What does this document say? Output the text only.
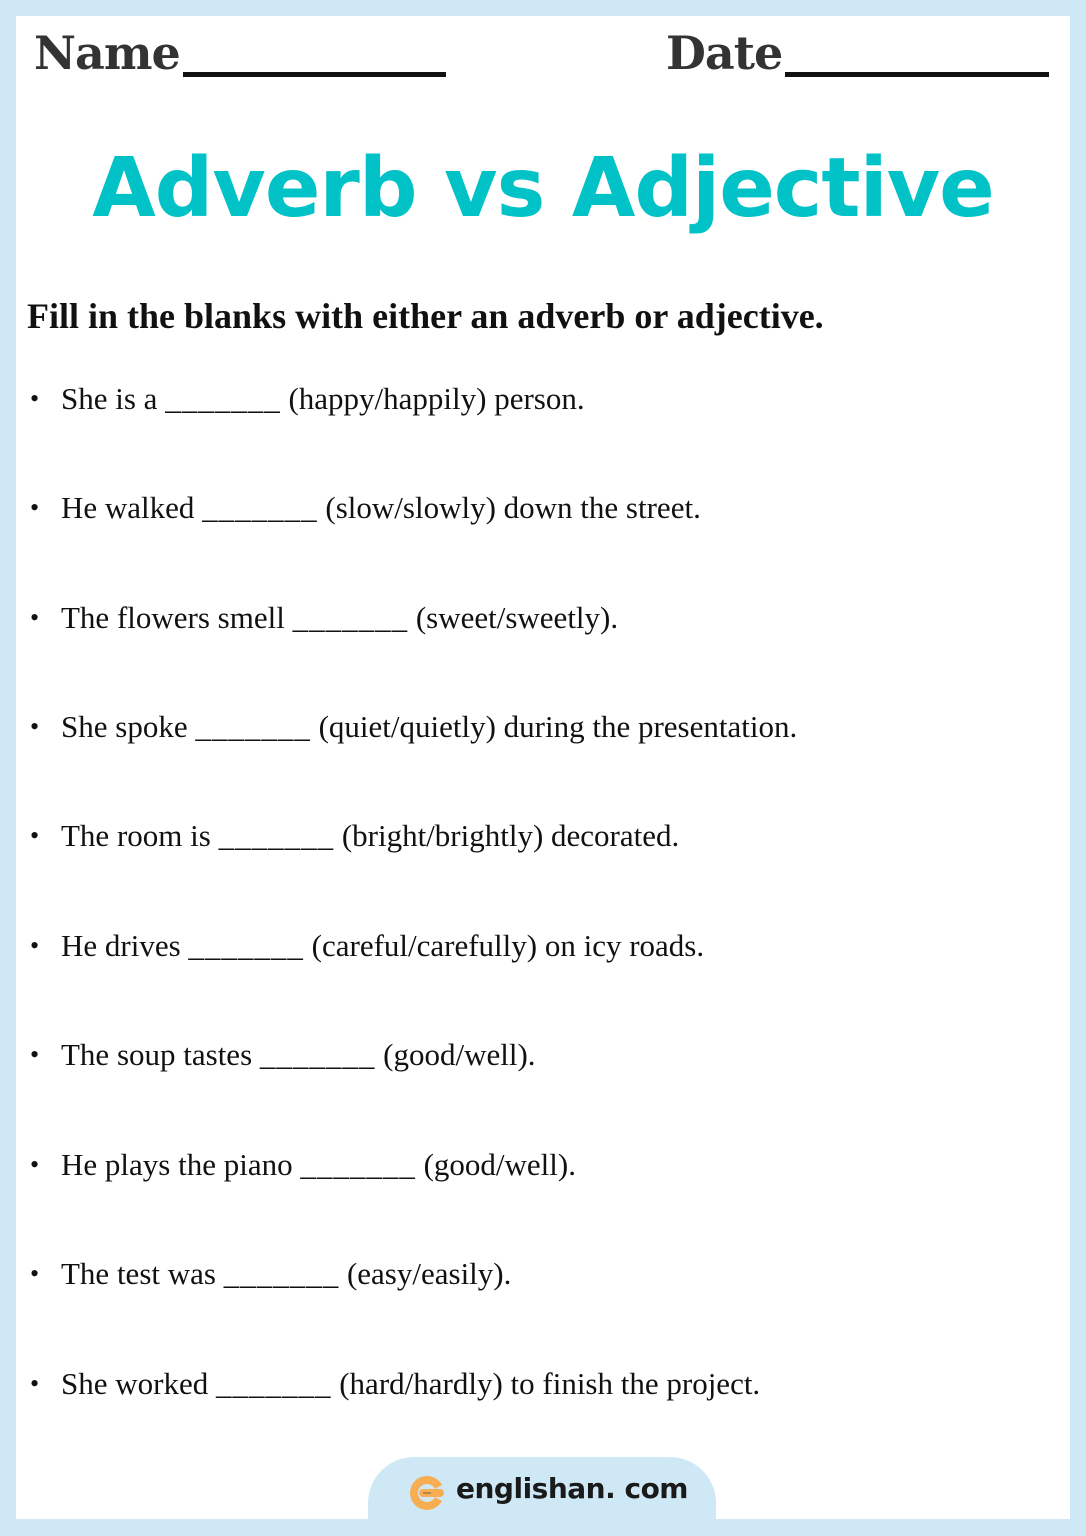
Name	Date
Adverb vs Adjective
Fill in the blanks with either an adverb or adjective.
• She is a _______ (happy/happily) person.
• He walked _______ (slow/slowly) down the street.
• The flowers smell _______ (sweet/sweetly).
• She spoke _______ (quiet/quietly) during the presentation.
• The room is _______ (bright/brightly) decorated.
• He drives _______ (careful/carefully) on icy roads.
• The soup tastes _______ (good/well).
• He plays the piano _______ (good/well).
• The test was _______ (easy/easily).
• She worked _______ (hard/hardly) to finish the project.
englishan. com
